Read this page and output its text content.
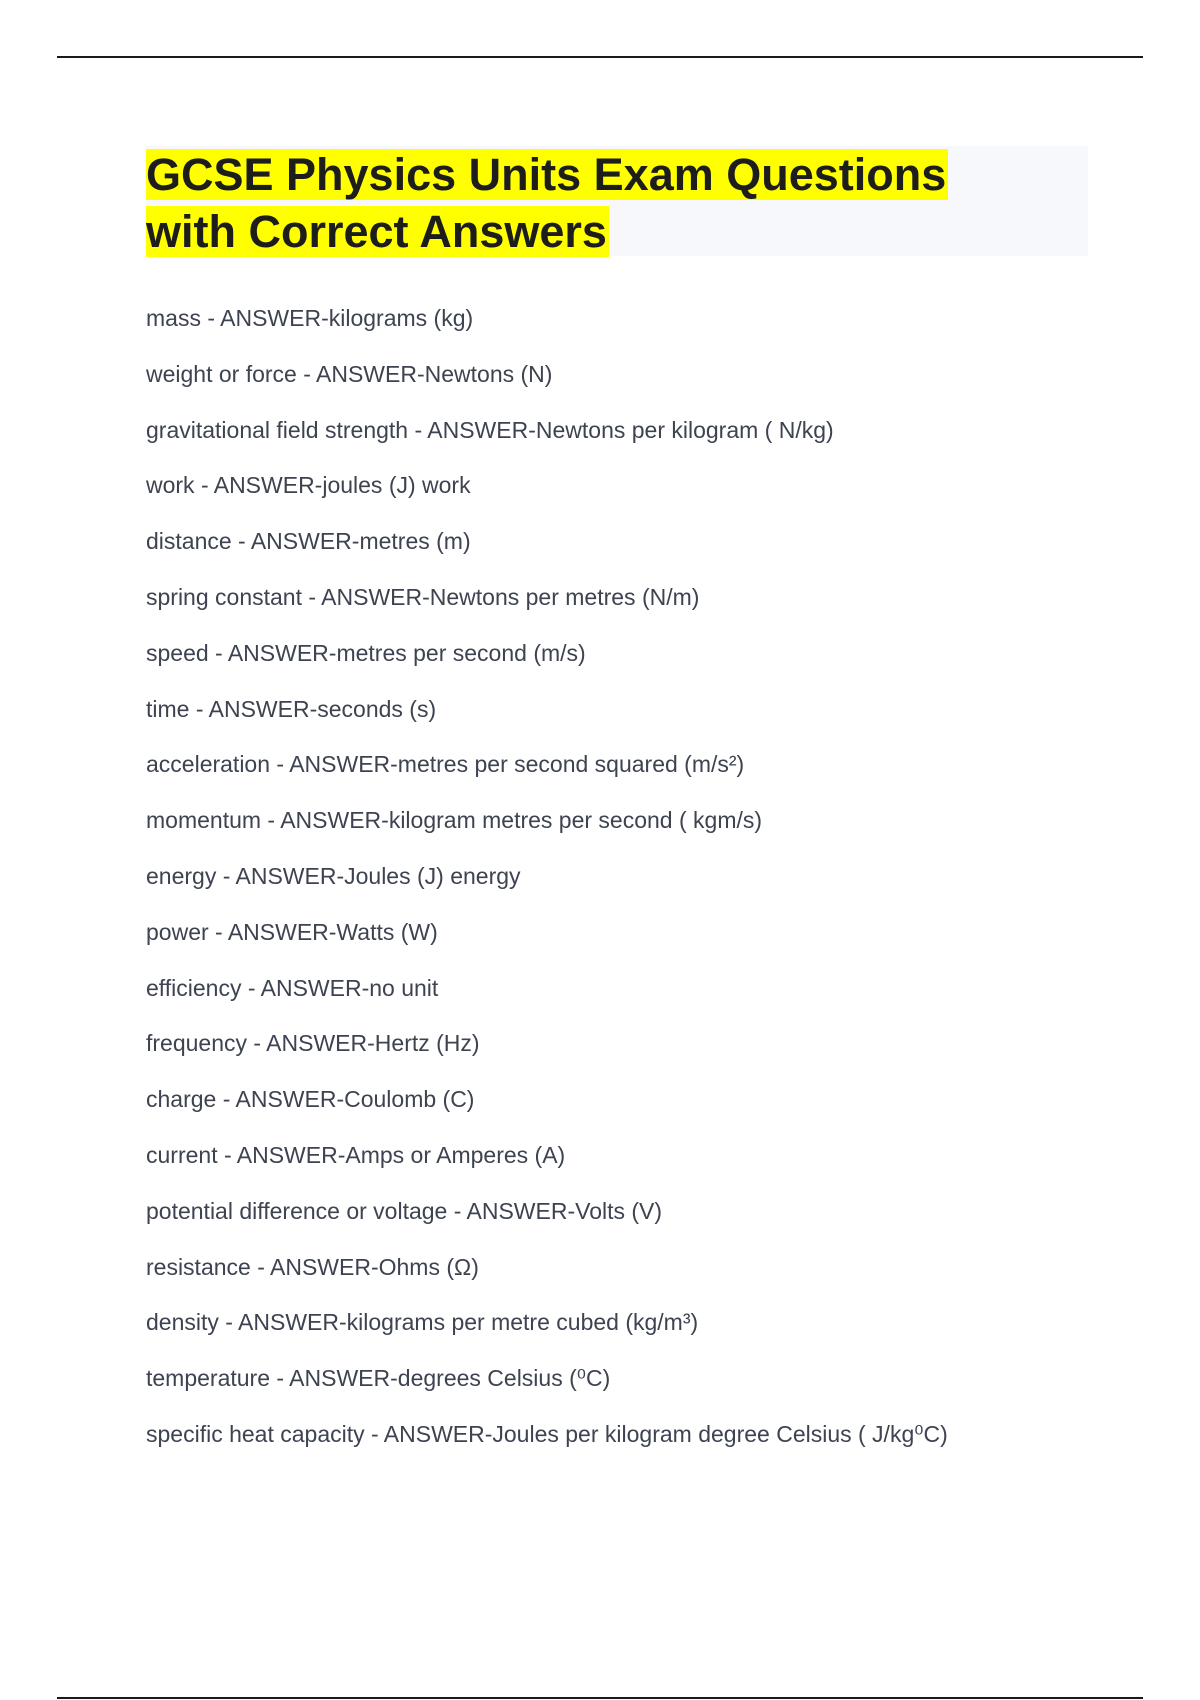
GCSE Physics Units Exam Questions
with Correct Answers
mass - ANSWER-kilograms (kg)
weight or force - ANSWER-Newtons (N)
gravitational field strength - ANSWER-Newtons per kilogram ( N/kg)
work - ANSWER-joules (J) work
distance - ANSWER-metres (m)
spring constant - ANSWER-Newtons per metres (N/m)
speed - ANSWER-metres per second (m/s)
time - ANSWER-seconds (s)
acceleration - ANSWER-metres per second squared (m/s²)
momentum - ANSWER-kilogram metres per second ( kgm/s)
energy - ANSWER-Joules (J) energy
power - ANSWER-Watts (W)
efficiency - ANSWER-no unit
frequency - ANSWER-Hertz (Hz)
charge - ANSWER-Coulomb (C)
current - ANSWER-Amps or Amperes (A)
potential difference or voltage - ANSWER-Volts (V)
resistance - ANSWER-Ohms (Ω)
density - ANSWER-kilograms per metre cubed (kg/m³)
temperature - ANSWER-degrees Celsius (⁰C)
specific heat capacity - ANSWER-Joules per kilogram degree Celsius ( J/kg⁰C)
